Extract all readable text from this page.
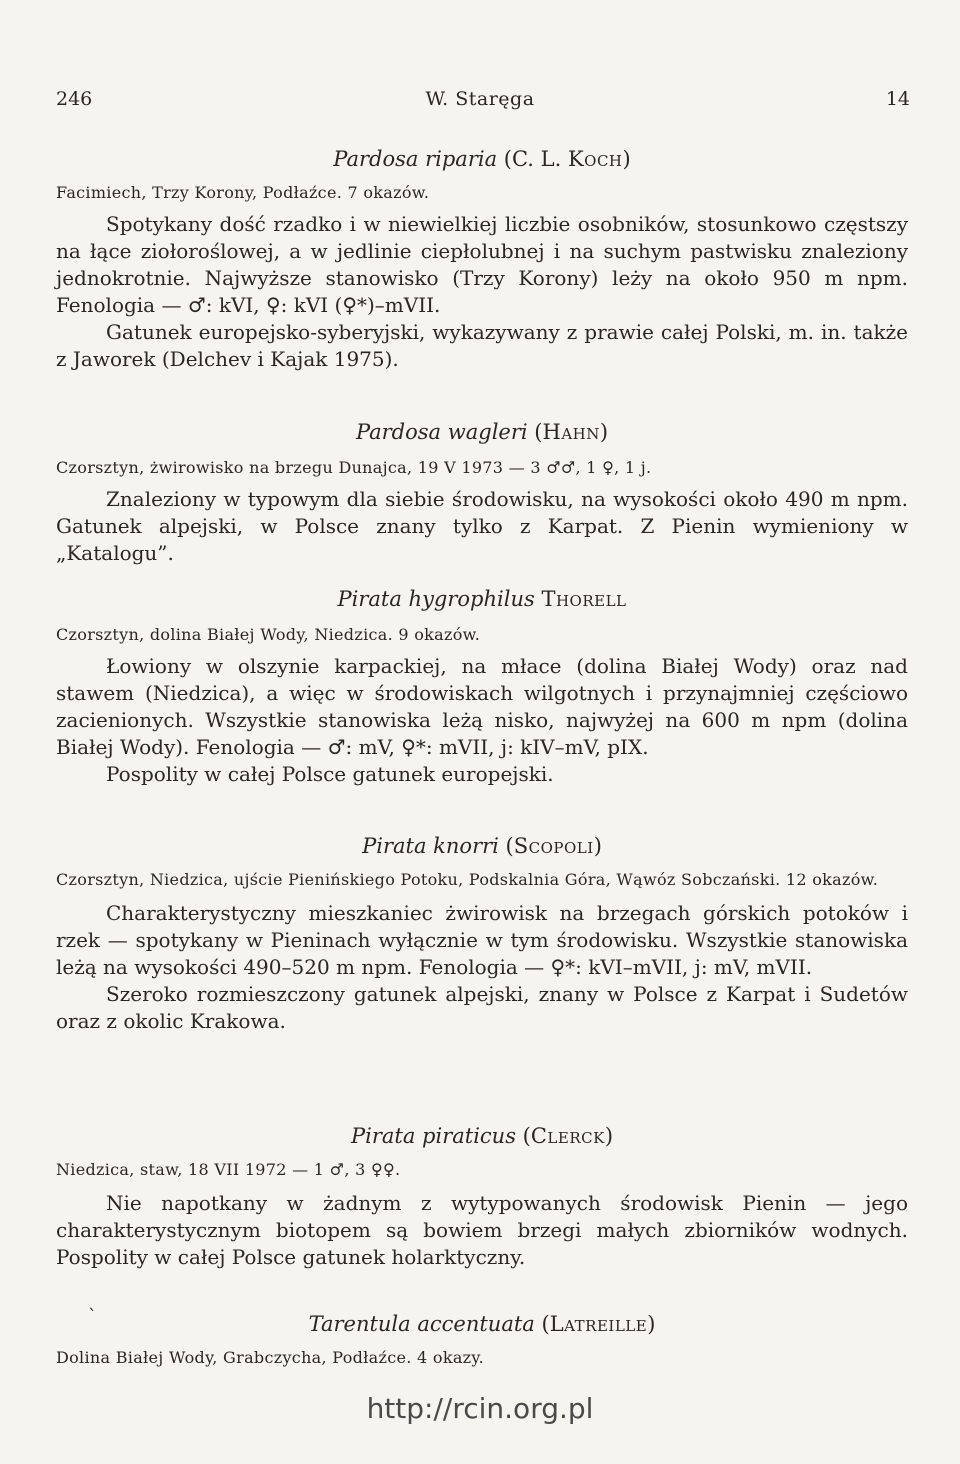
246	W. Staręga	14

Pardosa riparia (C. L. Koch)

Facimiech, Trzy Korony, Podłaźce. 7 okazów.

Spotykany dość rzadko i w niewielkiej liczbie osobników, stosunkowo częstszy na łące ziołoroślowej, a w jedlinie ciepłolubnej i na suchym pastwisku znaleziony jednokrotnie. Najwyższe stanowisko (Trzy Korony) leży na około 950 m npm. Fenologia — ♂: kVI, ♀: kVI (♀*)–mVII.

Gatunek europejsko-syberyjski, wykazywany z prawie całej Polski, m. in. także z Jaworek (Delchev i Kajak 1975).

Pardosa wagleri (Hahn)

Czorsztyn, żwirowisko na brzegu Dunajca, 19 V 1973 — 3 ♂♂, 1 ♀, 1 j.

Znaleziony w typowym dla siebie środowisku, na wysokości około 490 m npm. Gatunek alpejski, w Polsce znany tylko z Karpat. Z Pienin wymieniony w „Katalogu”.

Pirata hygrophilus Thorell

Czorsztyn, dolina Białej Wody, Niedzica. 9 okazów.

Łowiony w olszynie karpackiej, na młace (dolina Białej Wody) oraz nad stawem (Niedzica), a więc w środowiskach wilgotnych i przynajmniej częściowo zacienionych. Wszystkie stanowiska leżą nisko, najwyżej na 600 m npm (dolina Białej Wody). Fenologia — ♂: mV, ♀*: mVII, j: kIV–mV, pIX.

Pospolity w całej Polsce gatunek europejski.

Pirata knorri (Scopoli)

Czorsztyn, Niedzica, ujście Pienińskiego Potoku, Podskalnia Góra, Wąwóz Sobczański. 12 okazów.

Charakterystyczny mieszkaniec żwirowisk na brzegach górskich potoków i rzek — spotykany w Pieninach wyłącznie w tym środowisku. Wszystkie stanowiska leżą na wysokości 490–520 m npm. Fenologia — ♀*: kVI–mVII, j: mV, mVII.

Szeroko rozmieszczony gatunek alpejski, znany w Polsce z Karpat i Sudetów oraz z okolic Krakowa.

Pirata piraticus (Clerck)

Niedzica, staw, 18 VII 1972 — 1 ♂, 3 ♀♀.

Nie napotkany w żadnym z wytypowanych środowisk Pienin — jego charakterystycznym biotopem są bowiem brzegi małych zbiorników wodnych. Pospolity w całej Polsce gatunek holarktyczny.

`	Tarentula accentuata (Latreille)

Dolina Białej Wody, Grabczycha, Podłaźce. 4 okazy.

http://rcin.org.pl
